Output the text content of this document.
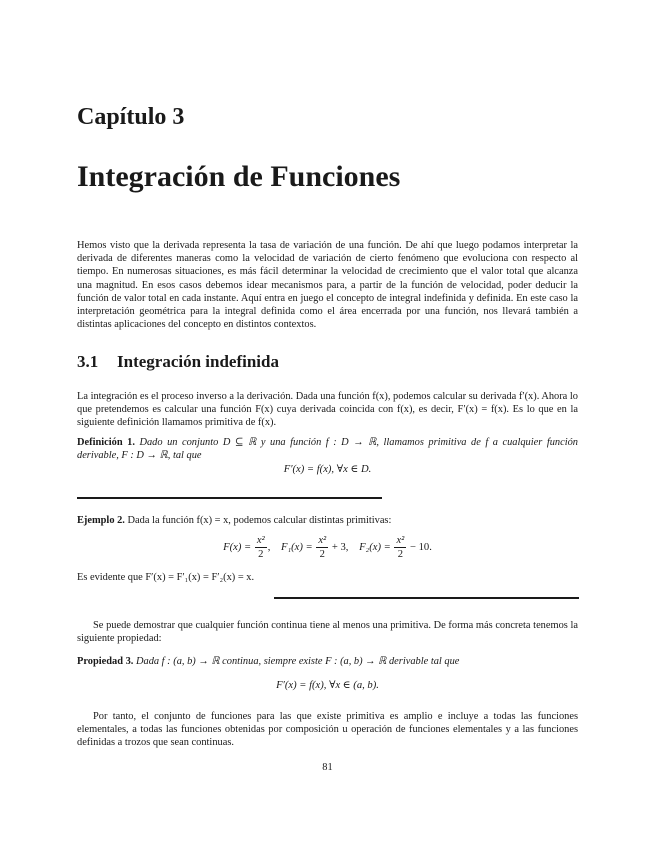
Capítulo 3
Integración de Funciones

Hemos visto que la derivada representa la tasa de variación de una función. De ahí que luego podamos interpretar la derivada de diferentes maneras como la velocidad de variación de cierto fenómeno que evoluciona con respecto al tiempo. En numerosas situaciones, es más fácil determinar la velocidad de crecimiento que el valor total que alcanza una magnitud. En esos casos debemos idear mecanismos para, a partir de la función de velocidad, poder deducir la función de valor total en cada instante. Aquí entra en juego el concepto de integral indefinida y definida. En este caso la interpretación geométrica para la integral definida como el área encerrada por una función, nos llevará también a distintas aplicaciones del concepto en distintos contextos.

3.1 Integración indefinida

La integración es el proceso inverso a la derivación. Dada una función f(x), podemos calcular su derivada f′(x). Ahora lo que pretendemos es calcular una función F(x) cuya derivada coincida con f(x), es decir, F′(x) = f(x). Es lo que en la siguiente definición llamamos primitiva de f(x).

Definición 1. Dado un conjunto D ⊆ ℝ y una función f : D → ℝ, llamamos primitiva de f a cualquier función derivable, F : D → ℝ, tal que

F′(x) = f(x), ∀x ∈ D.

Ejemplo 2. Dada la función f(x) = x, podemos calcular distintas primitivas:

$F(x) = \frac{\text{x²}}{2}$ , $F_1(x) = \frac{\text{x²}}{2} + 3$, $F_2(x) = \frac{\text{x²}}{2} - 10$.

Es evidente que F′(x) = F′₁(x) = F′₂(x) = x.

Se puede demostrar que cualquier función continua tiene al menos una primitiva. De forma más concreta tenemos la siguiente propiedad:

Propiedad 3. Dada f : (a, b) → ℝ continua, siempre existe F : (a, b) → ℝ derivable tal que

F′(x) = f(x), ∀x ∈ (a, b).

Por tanto, el conjunto de funciones para las que existe primitiva es amplio e incluye a todas las funciones elementales, a todas las funciones obtenidas por composición u operación de funciones elementales y a las funciones definidas a trozos que sean continuas.

81
